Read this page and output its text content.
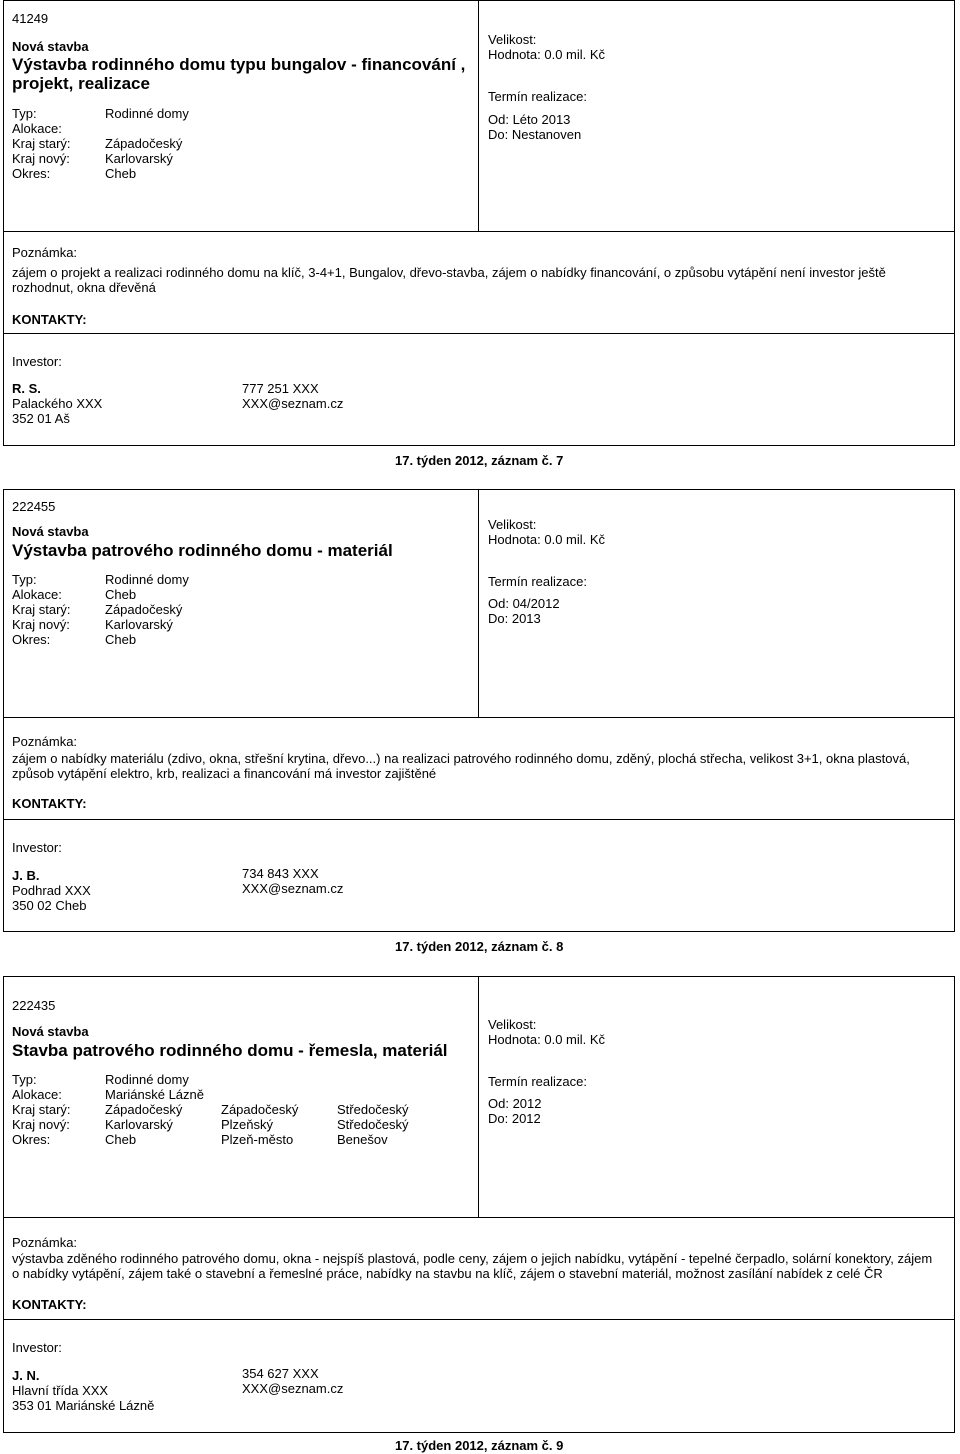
41249
Nová stavba
Výstavba rodinného domu typu bungalov - financování , projekt, realizace
Typ:
Alokace:
Kraj starý:
Kraj nový:
Okres:
Rodinné domy
Západočeský
Karlovarský
Cheb
Velikost:
Hodnota: 0.0 mil. Kč
Termín realizace:
Od: Léto 2013
Do: Nestanoven
Poznámka:
zájem o projekt a realizaci rodinného domu na klíč, 3-4+1, Bungalov, dřevo-stavba, zájem o nabídky financování, o způsobu vytápění není investor ještě rozhodnut, okna dřevěná
KONTAKTY:
Investor:
R. S.
Palackého XXX
352 01 Aš
777 251 XXX
XXX@seznam.cz
17. týden 2012, záznam č. 7
222455
Nová stavba
Výstavba patrového rodinného domu - materiál
Typ:
Alokace:
Kraj starý:
Kraj nový:
Okres:
Rodinné domy
Cheb
Západočeský
Karlovarský
Cheb
Velikost:
Hodnota: 0.0 mil. Kč
Termín realizace:
Od: 04/2012
Do: 2013
Poznámka:
zájem o nabídky materiálu (zdivo, okna, střešní krytina, dřevo...) na realizaci patrového rodinného domu, zděný, plochá střecha, velikost 3+1, okna plastová, způsob vytápění elektro, krb, realizaci a financování má investor zajištěné
KONTAKTY:
Investor:
J. B.
Podhrad XXX
350 02 Cheb
734 843 XXX
XXX@seznam.cz
17. týden 2012, záznam č. 8
222435
Nová stavba
Stavba patrového rodinného domu - řemesla, materiál
Typ:
Alokace:
Kraj starý:
Kraj nový:
Okres:
Rodinné domy
Mariánské Lázně
Západočeský
Karlovarský
Cheb
Západočeský
Plzeňský
Plzeň-město
Středočeský
Středočeský
Benešov
Velikost:
Hodnota: 0.0 mil. Kč
Termín realizace:
Od: 2012
Do: 2012
Poznámka:
výstavba zděného rodinného patrového domu, okna - nejspíš plastová, podle ceny, zájem o jejich nabídku, vytápění - tepelné čerpadlo, solární konektory, zájem o nabídky vytápění, zájem také o stavební a řemeslné práce, nabídky na stavbu na klíč, zájem o stavební materiál, možnost zasílání nabídek z celé ČR
KONTAKTY:
Investor:
J. N.
Hlavní třída XXX
353 01 Mariánské Lázně
354 627 XXX
XXX@seznam.cz
17. týden 2012, záznam č. 9
